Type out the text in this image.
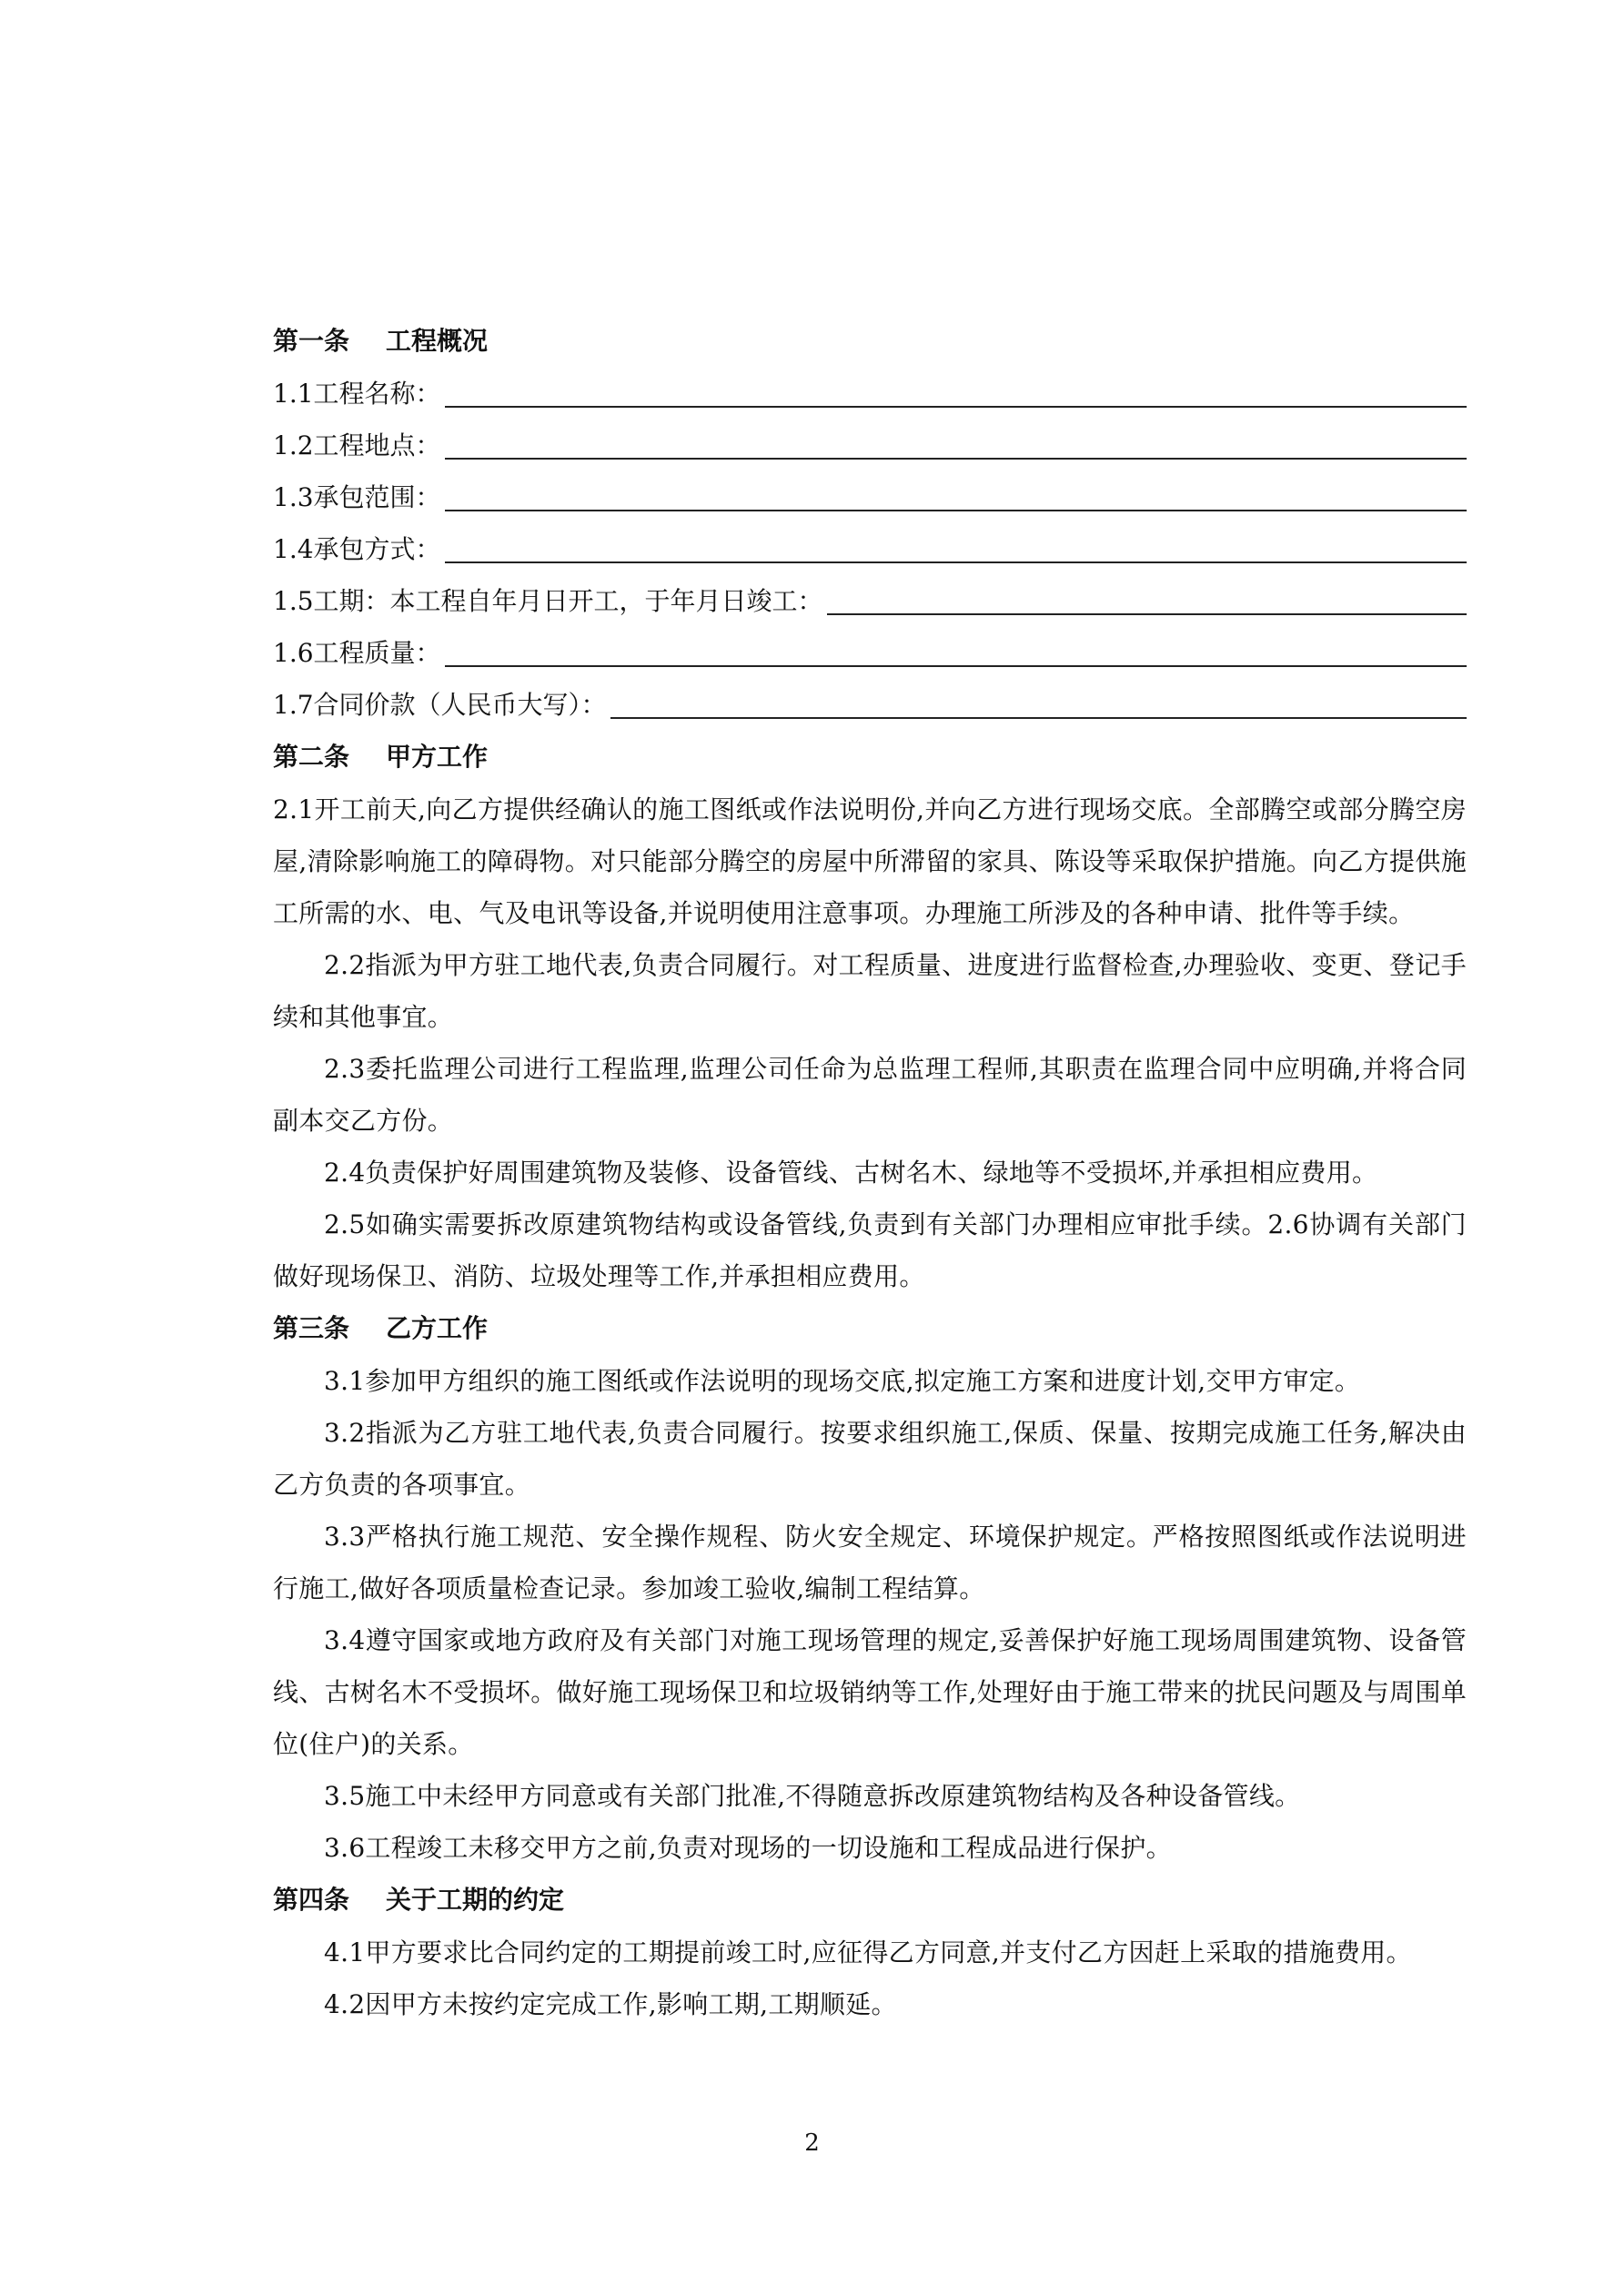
第一条 工程概况
1.1工程名称：
1.2工程地点：
1.3承包范围：
1.4承包方式：
1.5工期：本工程自年月日开工，于年月日竣工：
1.6工程质量：
1.7合同价款（人民币大写）：
第二条 甲方工作

2.1开工前天,向乙方提供经确认的施工图纸或作法说明份,并向乙方进行现场交底。全部腾空或部分腾空房屋,清除影响施工的障碍物。对只能部分腾空的房屋中所滞留的家具、陈设等采取保护措施。向乙方提供施工所需的水、电、气及电讯等设备,并说明使用注意事项。办理施工所涉及的各种申请、批件等手续。

2.2指派为甲方驻工地代表,负责合同履行。对工程质量、进度进行监督检查,办理验收、变更、登记手续和其他事宜。

2.3委托监理公司进行工程监理,监理公司任命为总监理工程师,其职责在监理合同中应明确,并将合同副本交乙方份。

2.4负责保护好周围建筑物及装修、设备管线、古树名木、绿地等不受损坏,并承担相应费用。

2.5如确实需要拆改原建筑物结构或设备管线,负责到有关部门办理相应审批手续。2.6协调有关部门做好现场保卫、消防、垃圾处理等工作,并承担相应费用。

第三条 乙方工作

3.1参加甲方组织的施工图纸或作法说明的现场交底,拟定施工方案和进度计划,交甲方审定。

3.2指派为乙方驻工地代表,负责合同履行。按要求组织施工,保质、保量、按期完成施工任务,解决由乙方负责的各项事宜。

3.3严格执行施工规范、安全操作规程、防火安全规定、环境保护规定。严格按照图纸或作法说明进行施工,做好各项质量检查记录。参加竣工验收,编制工程结算。

3.4遵守国家或地方政府及有关部门对施工现场管理的规定,妥善保护好施工现场周围建筑物、设备管线、古树名木不受损坏。做好施工现场保卫和垃圾销纳等工作,处理好由于施工带来的扰民问题及与周围单位(住户)的关系。

3.5施工中未经甲方同意或有关部门批准,不得随意拆改原建筑物结构及各种设备管线。

3.6工程竣工未移交甲方之前,负责对现场的一切设施和工程成品进行保护。

第四条 关于工期的约定

4.1甲方要求比合同约定的工期提前竣工时,应征得乙方同意,并支付乙方因赶上采取的措施费用。

4.2因甲方未按约定完成工作,影响工期,工期顺延。

2
